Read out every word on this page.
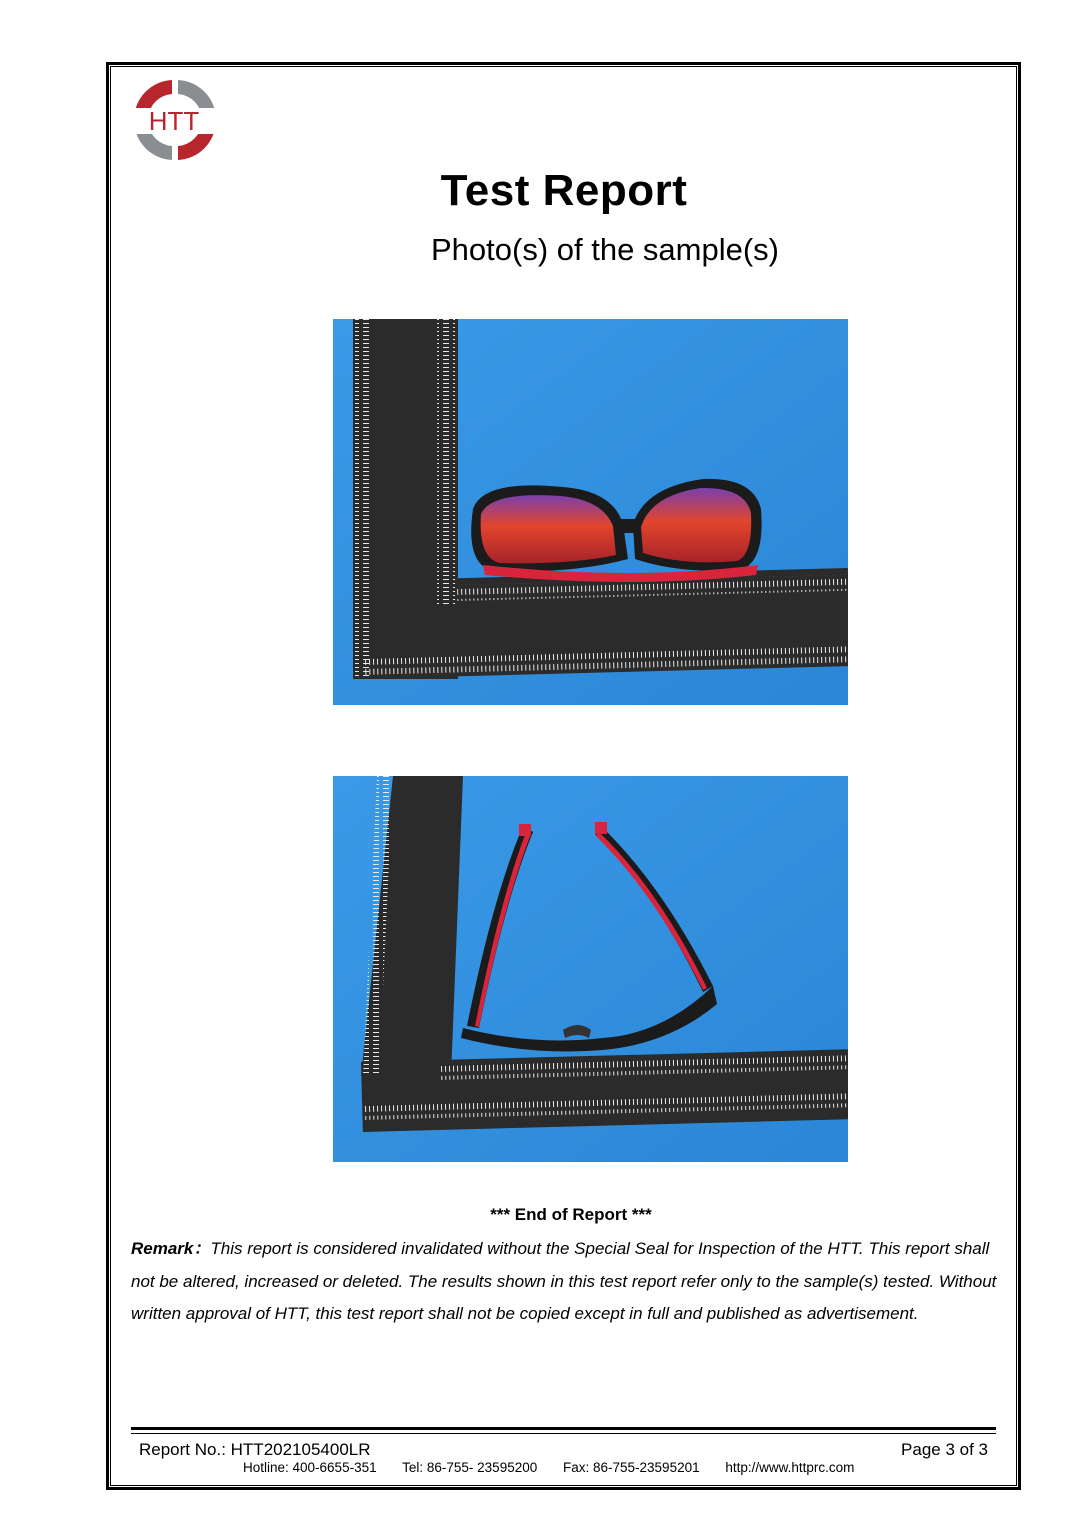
HTT
Test Report
Photo(s) of the sample(s)
*** End of Report ***
Remark：This report is considered invalidated without the Special Seal for Inspection of the HTT. This report shall not be altered, increased or deleted. The results shown in this test report refer only to the sample(s) tested. Without written approval of HTT, this test report shall not be copied except in full and published as advertisement.
Report No.: HTT202105400LR	Page 3 of 3
Hotline: 400-6655-351 Tel: 86-755- 23595200 Fax: 86-755-23595201 http://www.httprc.com
